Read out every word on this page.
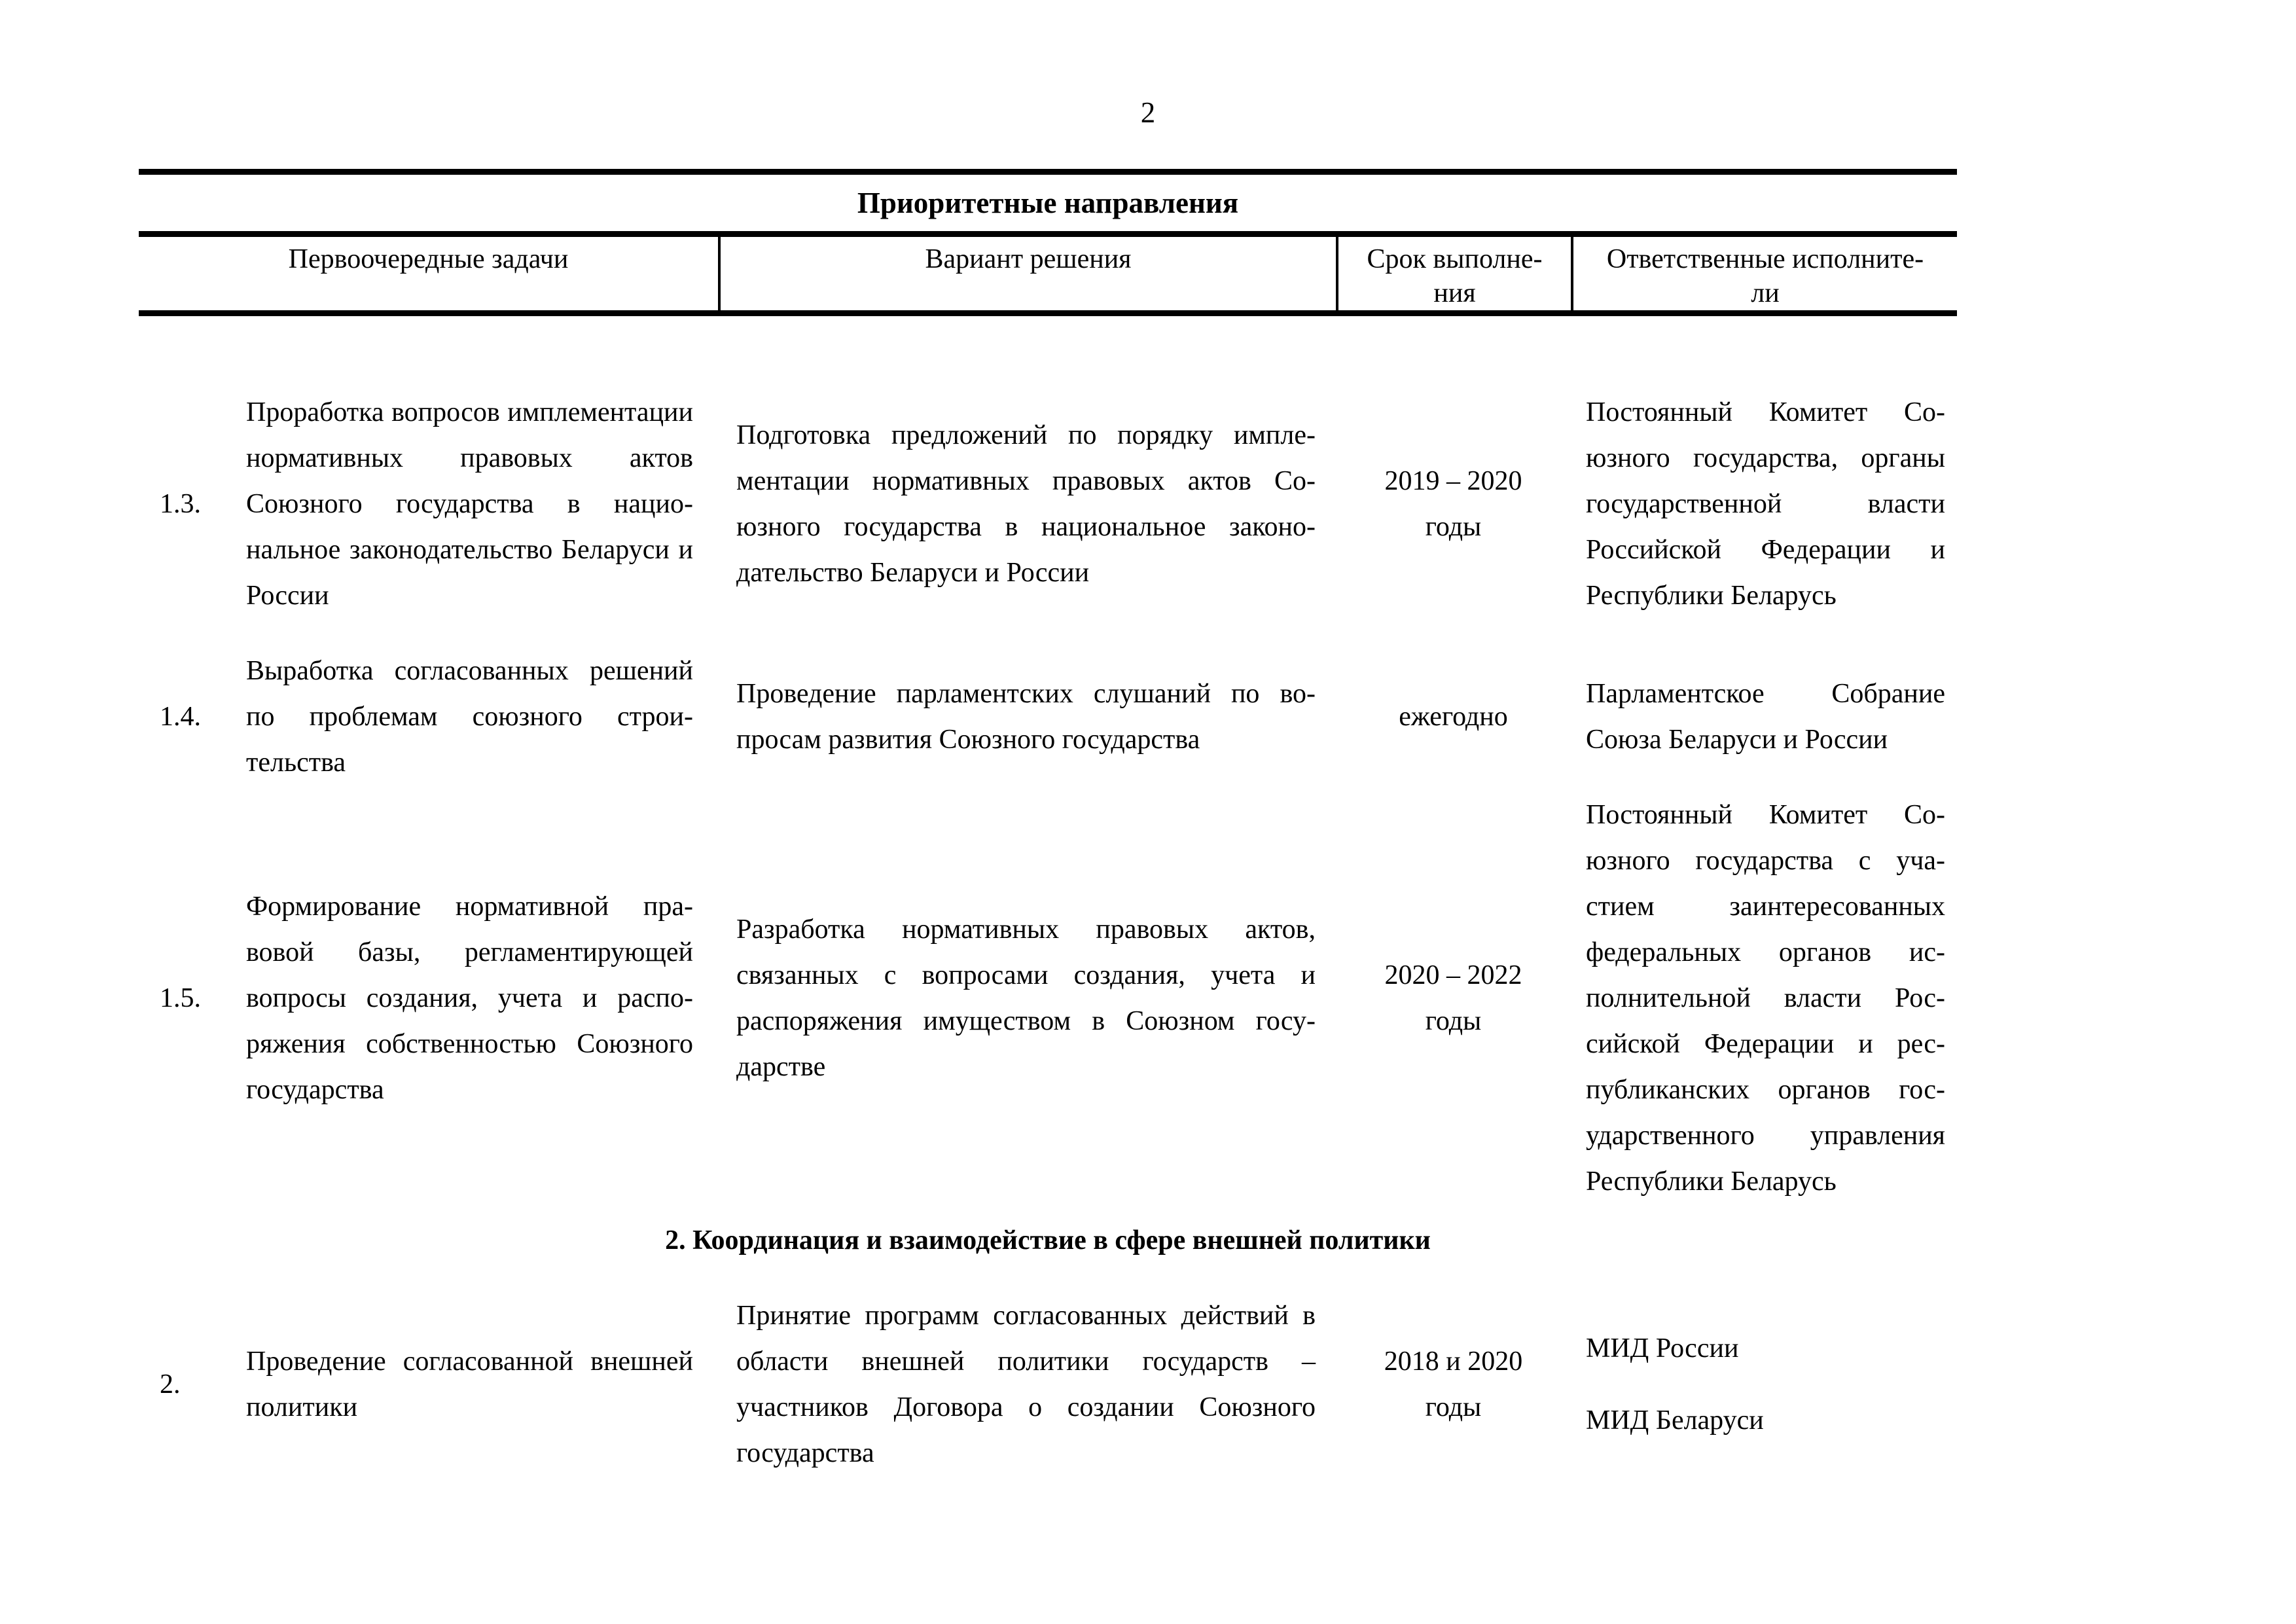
2
Приоритетные направления
Первоочередные задачи	Вариант решения	Срок выполне-
ния
Ответственные исполните-
ли
1.3.
Проработка вопросов имплементации нормативных правовых актов Союзного государства в национальное законодательство Беларуси и России
Подготовка предложений по порядку имплементации нормативных правовых актов Союзного государства в национальное законодательство Беларуси и России
2019 – 2020
годы
Постоянный Комитет Союзного государства, органы государственной власти Российской Федерации и Республики Беларусь
1.4.
Выработка согласованных решений по проблемам союзного строительства
Проведение парламентских слушаний по вопросам развития Союзного государства
ежегодно
Парламентское Собрание Союза Беларуси и России
1.5.
Формирование нормативной правовой базы, регламентирующей вопросы создания, учета и распоряжения собственностью Союзного государства
Разработка нормативных правовых актов, связанных с вопросами создания, учета и распоряжения имуществом в Союзном государстве
2020 – 2022
годы
Постоянный Комитет Союзного государства с участием заинтересованных федеральных органов исполнительной власти Российской Федерации и республиканских органов государственного управления Республики Беларусь
2. Координация и взаимодействие в сфере внешней политики
2.
Проведение согласованной внешней политики
Принятие программ согласованных действий в области внешней политики государств – участников Договора о создании Союзного государства
2018 и 2020
годы

МИД России

МИД Беларуси
